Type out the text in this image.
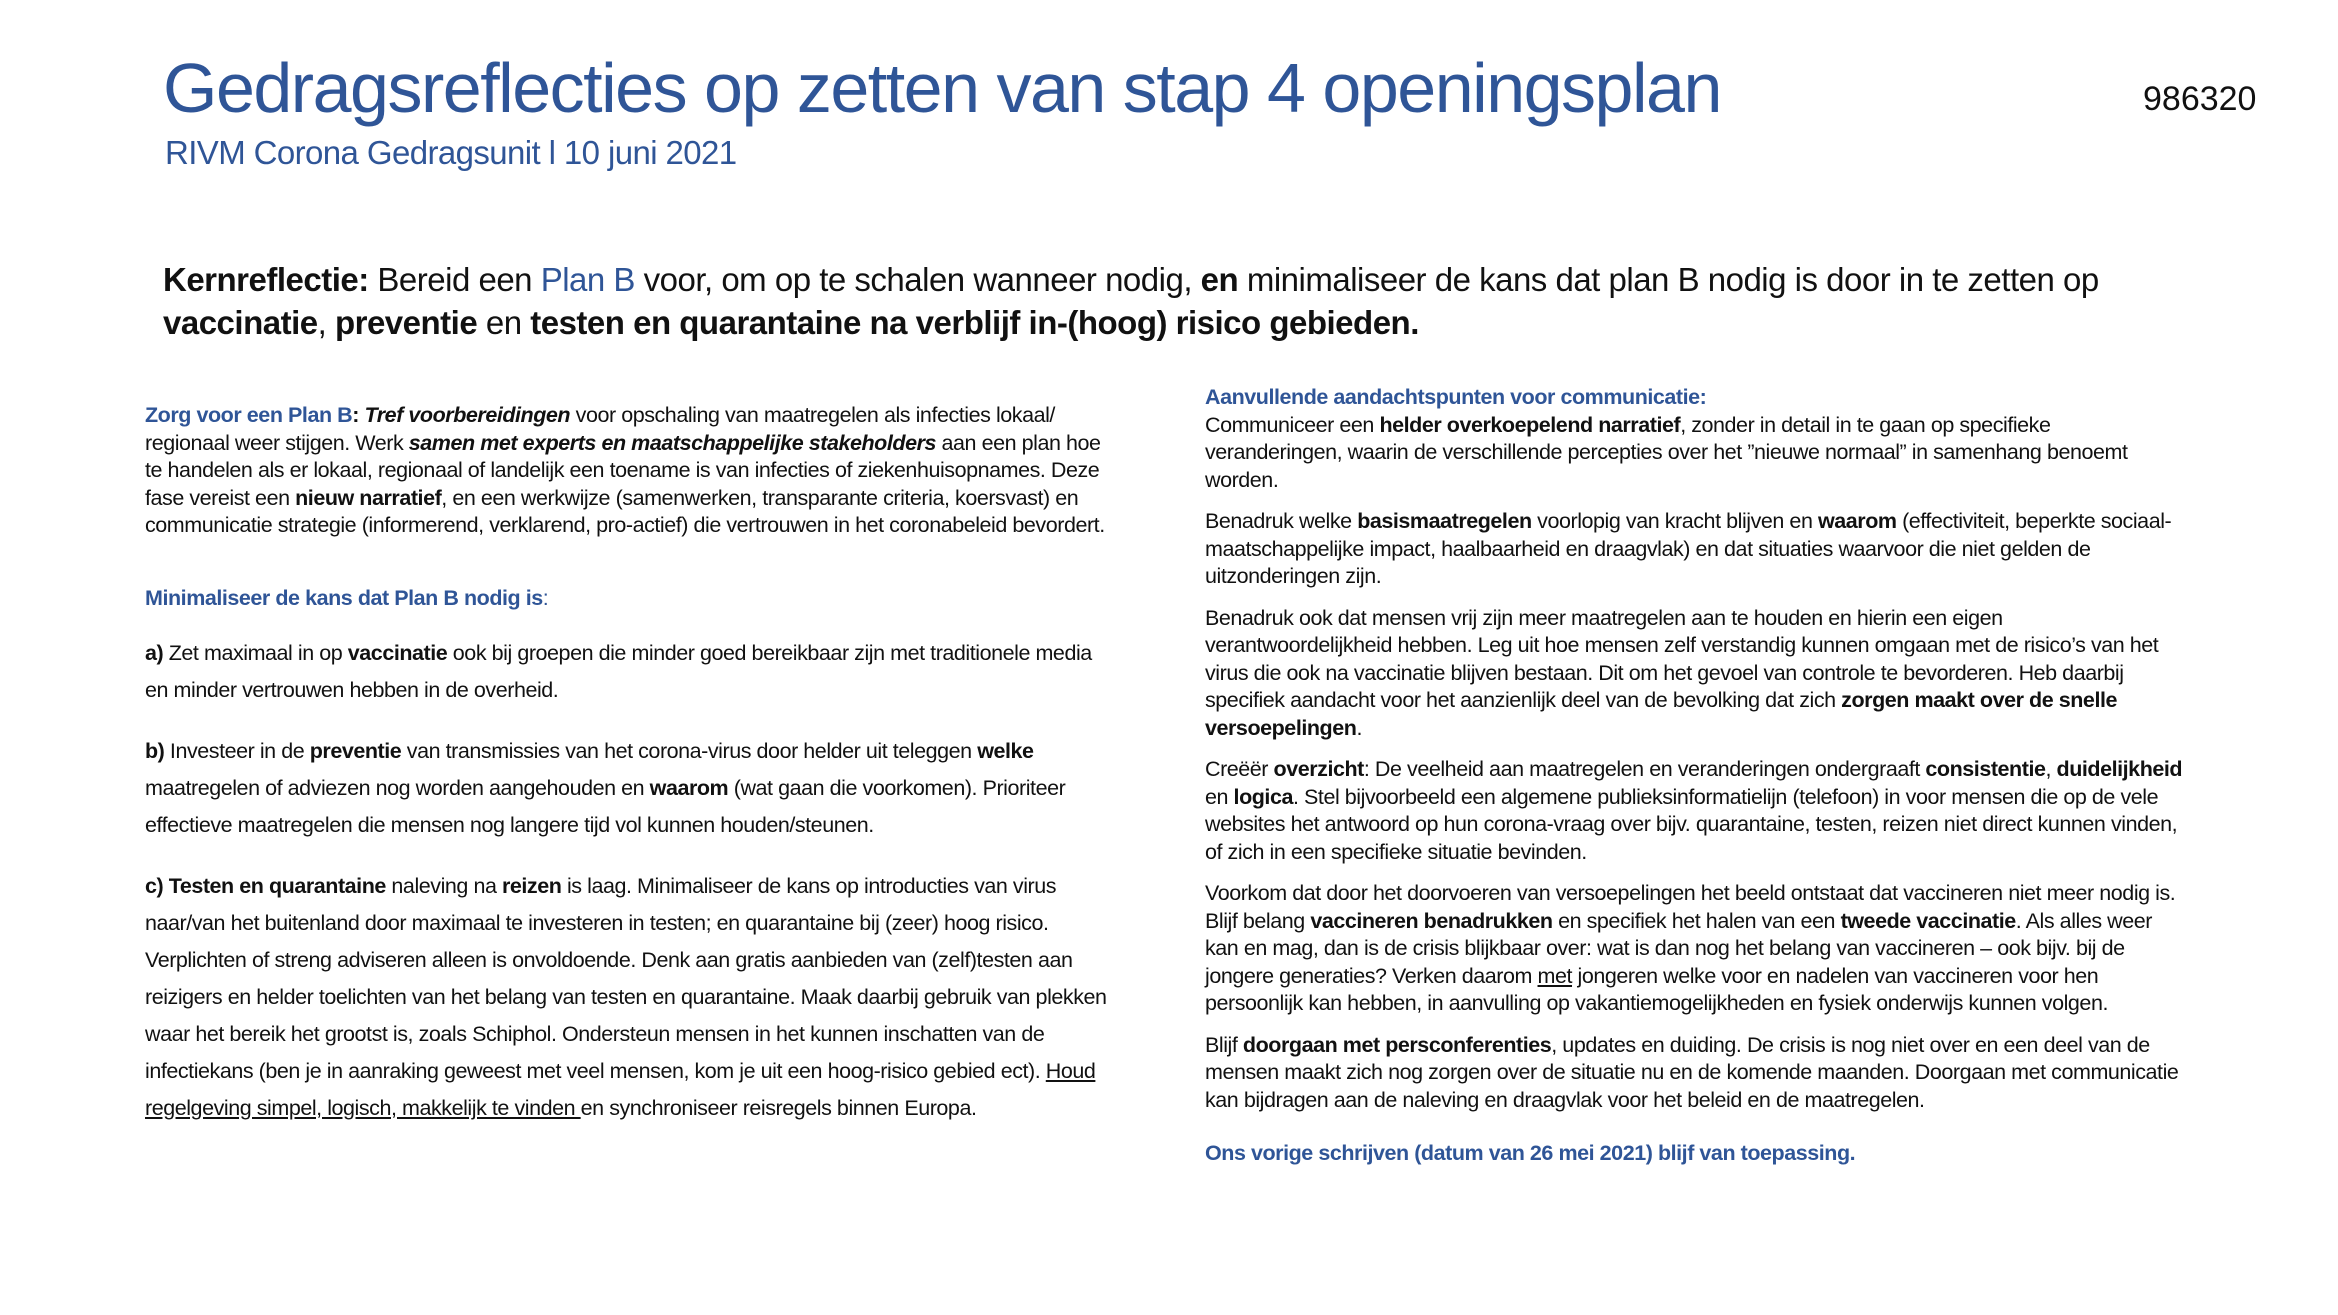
Gedragsreflecties op zetten van stap 4 openingsplan
RIVM Corona Gedragsunit l 10 juni 2021
986320

Kernreflectie: Bereid een Plan B voor, om op te schalen wanneer nodig, en minimaliseer de kans dat plan B nodig is door in te zetten op vaccinatie, preventie en testen en quarantaine na verblijf in-(hoog) risico gebieden.

Zorg voor een Plan B: Tref voorbereidingen voor opschaling van maatregelen als infecties lokaal/ regionaal weer stijgen. Werk samen met experts en maatschappelijke stakeholders aan een plan hoe te handelen als er lokaal, regionaal of landelijk een toename is van infecties of ziekenhuisopnames. Deze fase vereist een nieuw narratief, en een werkwijze (samenwerken, transparante criteria, koersvast) en communicatie strategie (informerend, verklarend, pro-actief) die vertrouwen in het coronabeleid bevordert.

Minimaliseer de kans dat Plan B nodig is:

a) Zet maximaal in op vaccinatie ook bij groepen die minder goed bereikbaar zijn met traditionele media en minder vertrouwen hebben in de overheid.

b) Investeer in de preventie van transmissies van het corona-virus door helder uit teleggen welke maatregelen of adviezen nog worden aangehouden en waarom (wat gaan die voorkomen). Prioriteer effectieve maatregelen die mensen nog langere tijd vol kunnen houden/steunen.

c) Testen en quarantaine naleving na reizen is laag. Minimaliseer de kans op introducties van virus naar/van het buitenland door maximaal te investeren in testen; en quarantaine bij (zeer) hoog risico. Verplichten of streng adviseren alleen is onvoldoende. Denk aan gratis aanbieden van (zelf)testen aan reizigers en helder toelichten van het belang van testen en quarantaine. Maak daarbij gebruik van plekken waar het bereik het grootst is, zoals Schiphol. Ondersteun mensen in het kunnen inschatten van de infectiekans (ben je in aanraking geweest met veel mensen, kom je uit een hoog-risico gebied ect). Houd regelgeving simpel, logisch, makkelijk te vinden en synchroniseer reisregels binnen Europa.

Aanvullende aandachtspunten voor communicatie:

Communiceer een helder overkoepelend narratief, zonder in detail in te gaan op specifieke veranderingen, waarin de verschillende percepties over het ”nieuwe normaal” in samenhang benoemt worden.

Benadruk welke basismaatregelen voorlopig van kracht blijven en waarom (effectiviteit, beperkte sociaal-maatschappelijke impact, haalbaarheid en draagvlak) en dat situaties waarvoor die niet gelden de uitzonderingen zijn.

Benadruk ook dat mensen vrij zijn meer maatregelen aan te houden en hierin een eigen verantwoordelijkheid hebben. Leg uit hoe mensen zelf verstandig kunnen omgaan met de risico’s van het virus die ook na vaccinatie blijven bestaan. Dit om het gevoel van controle te bevorderen. Heb daarbij specifiek aandacht voor het aanzienlijk deel van de bevolking dat zich zorgen maakt over de snelle versoepelingen.

Creëër overzicht: De veelheid aan maatregelen en veranderingen ondergraaft consistentie, duidelijkheid en logica. Stel bijvoorbeeld een algemene publieksinformatielijn (telefoon) in voor mensen die op de vele websites het antwoord op hun corona-vraag over bijv. quarantaine, testen, reizen niet direct kunnen vinden, of zich in een specifieke situatie bevinden.

Voorkom dat door het doorvoeren van versoepelingen het beeld ontstaat dat vaccineren niet meer nodig is. Blijf belang vaccineren benadrukken en specifiek het halen van een tweede vaccinatie. Als alles weer kan en mag, dan is de crisis blijkbaar over: wat is dan nog het belang van vaccineren – ook bijv. bij de jongere generaties? Verken daarom met jongeren welke voor en nadelen van vaccineren voor hen persoonlijk kan hebben, in aanvulling op vakantiemogelijkheden en fysiek onderwijs kunnen volgen.

Blijf doorgaan met persconferenties, updates en duiding. De crisis is nog niet over en een deel van de mensen maakt zich nog zorgen over de situatie nu en de komende maanden. Doorgaan met communicatie kan bijdragen aan de naleving en draagvlak voor het beleid en de maatregelen.

Ons vorige schrijven (datum van 26 mei 2021) blijf van toepassing.
